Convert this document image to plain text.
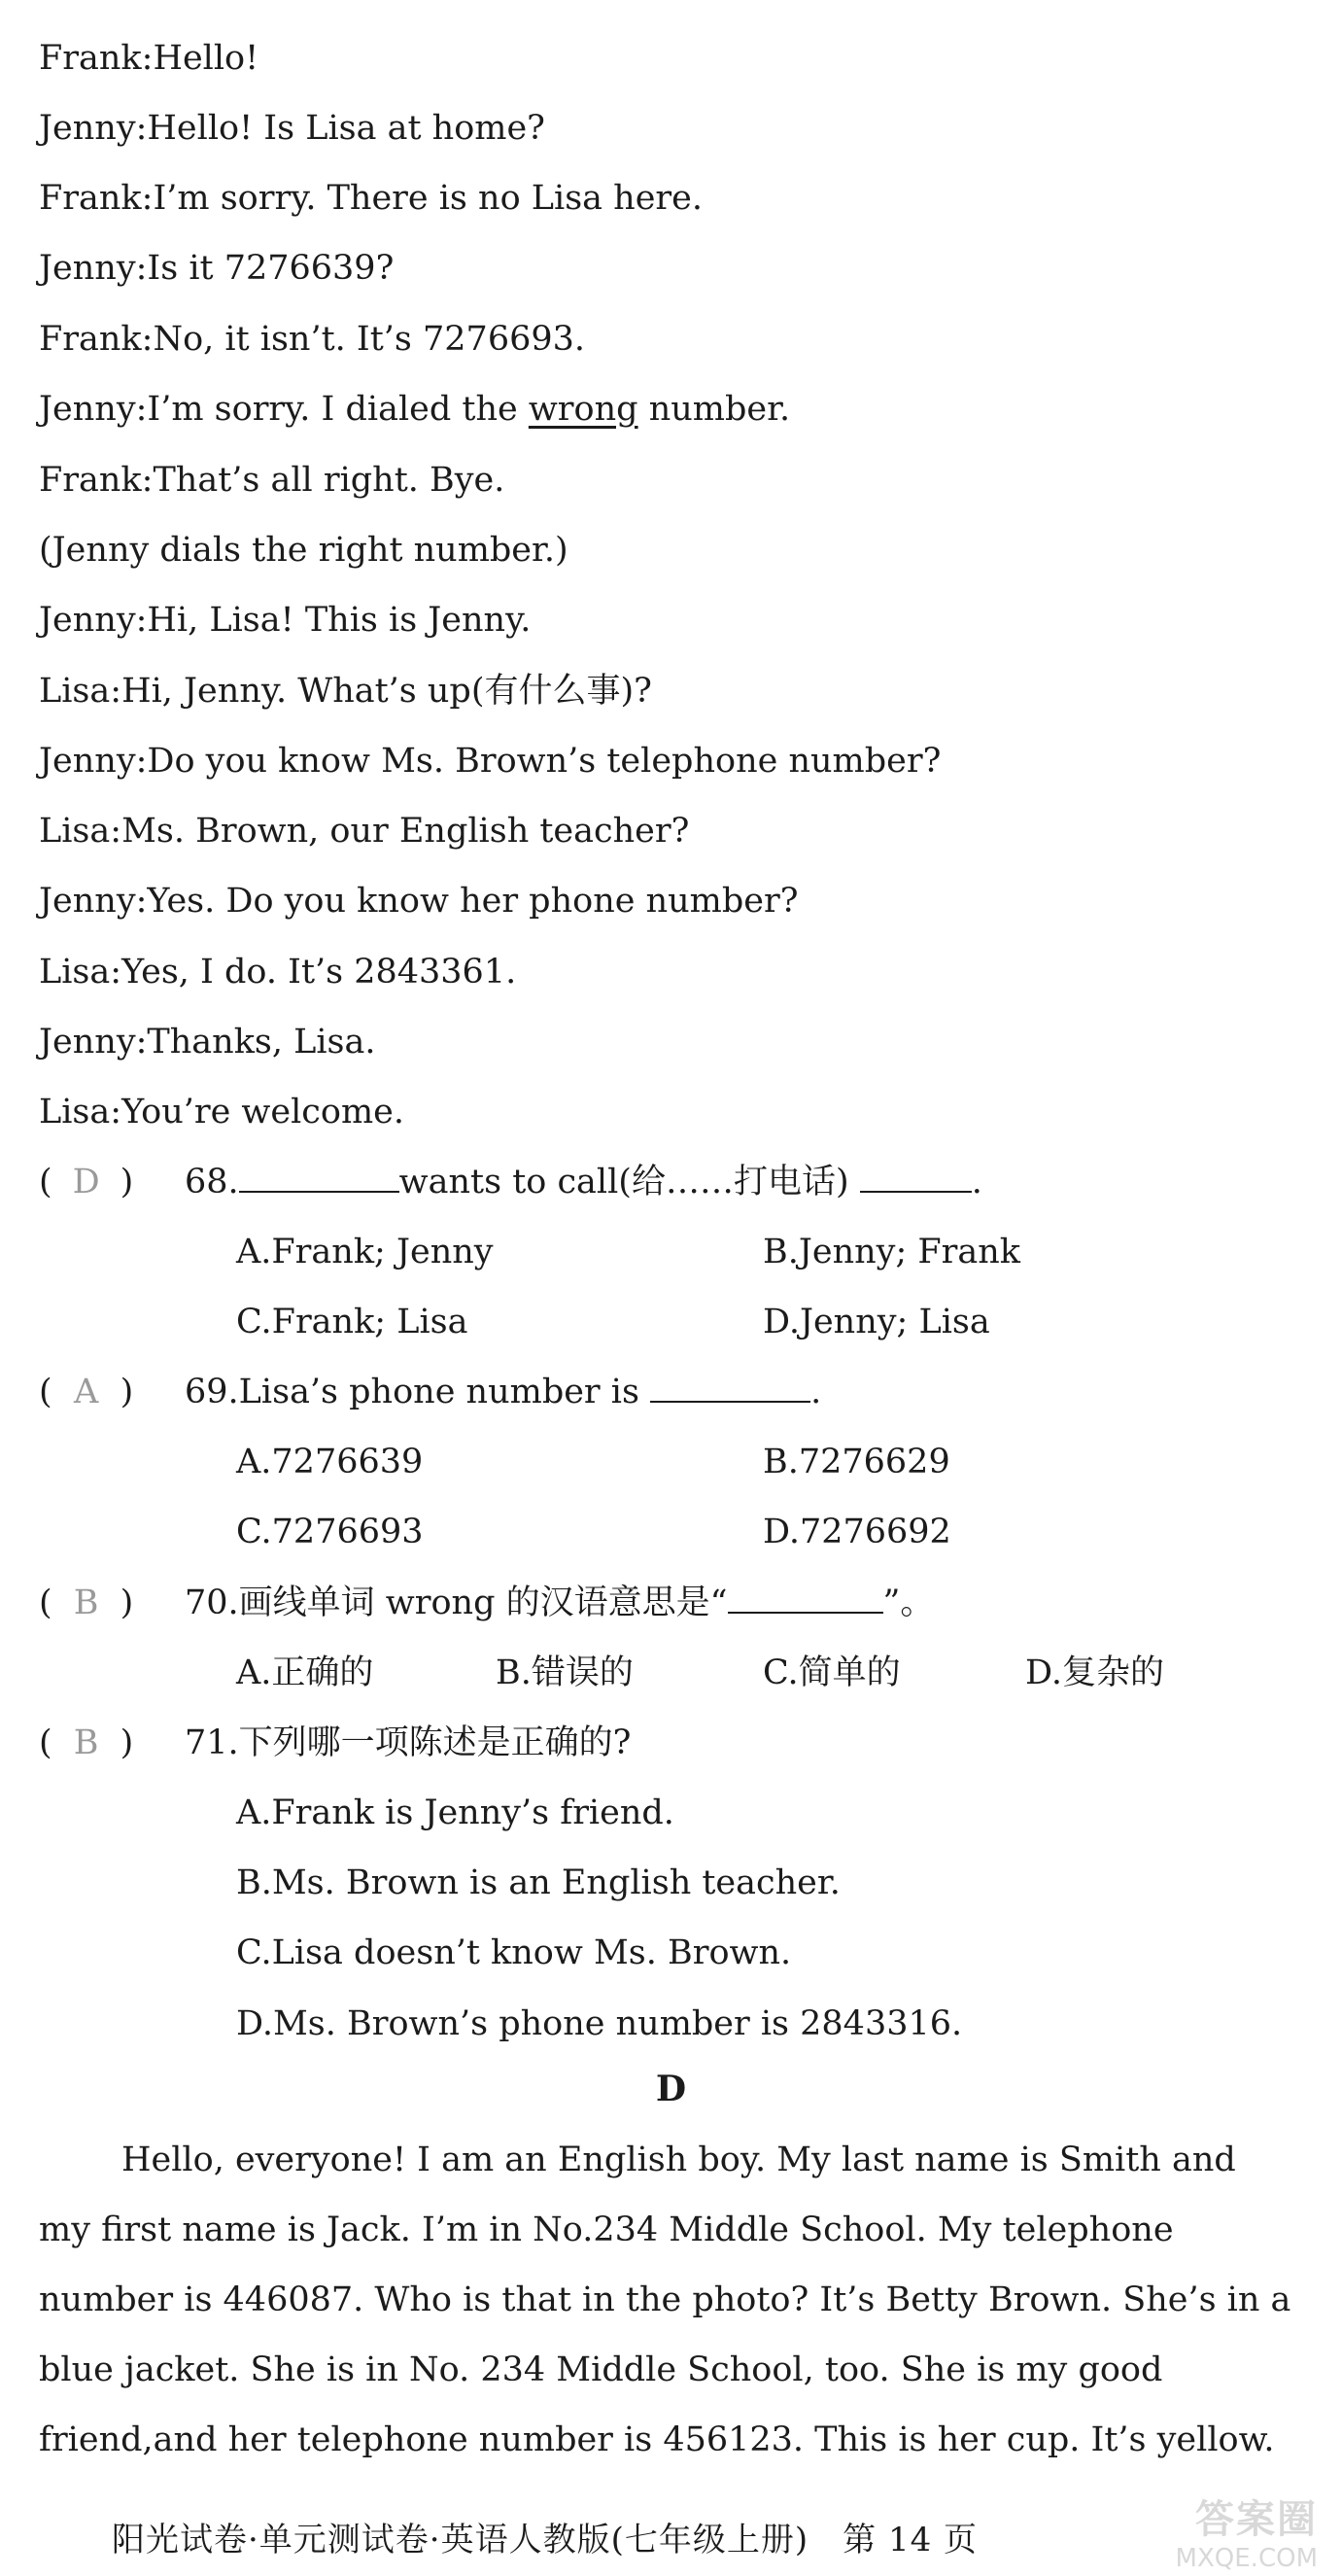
Frank:Hello!
Jenny:Hello! Is Lisa at home?
Frank:I’m sorry. There is no Lisa here.
Jenny:Is it 7276639?
Frank:No, it isn’t. It’s 7276693.
Jenny:I’m sorry. I dialed the wrong number.
Frank:That’s all right. Bye.
(Jenny dials the right number.)
Jenny:Hi, Lisa! This is Jenny.
Lisa:Hi, Jenny. What’s up(有什么事)?
Jenny:Do you know Ms. Brown’s telephone number?
Lisa:Ms. Brown, our English teacher?
Jenny:Yes. Do you know her phone number?
Lisa:Yes, I do. It’s 2843361.
Jenny:Thanks, Lisa.
Lisa:You’re welcome.
( D ) 68.	wants to call(给……打电话)	.
A.Frank; Jenny	B.Jenny; Frank
C.Frank; Lisa	D.Jenny; Lisa
( A ) 69.Lisa’s phone number is	.
A.7276639	B.7276629
C.7276693	D.7276692
( B ) 70.画线单词 wrong 的汉语意思是“	”。
A.正确的	B.错误的	C.简单的	D.复杂的
( B ) 71.下列哪一项陈述是正确的?
A.Frank is Jenny’s friend.
B.Ms. Brown is an English teacher.
C.Lisa doesn’t know Ms. Brown.
D.Ms. Brown’s phone number is 2843316.
D
Hello, everyone! I am an English boy. My last name is Smith and
my first name is Jack. I’m in No.234 Middle School. My telephone
number is 446087. Who is that in the photo? It’s Betty Brown. She’s in a
blue jacket. She is in No. 234 Middle School, too. She is my good
friend,and her telephone number is 456123. This is her cup. It’s yellow.
阳光试卷·单元测试卷·英语人教版(七年级上册)　第 14 页	答案圈
MXQE.COM
